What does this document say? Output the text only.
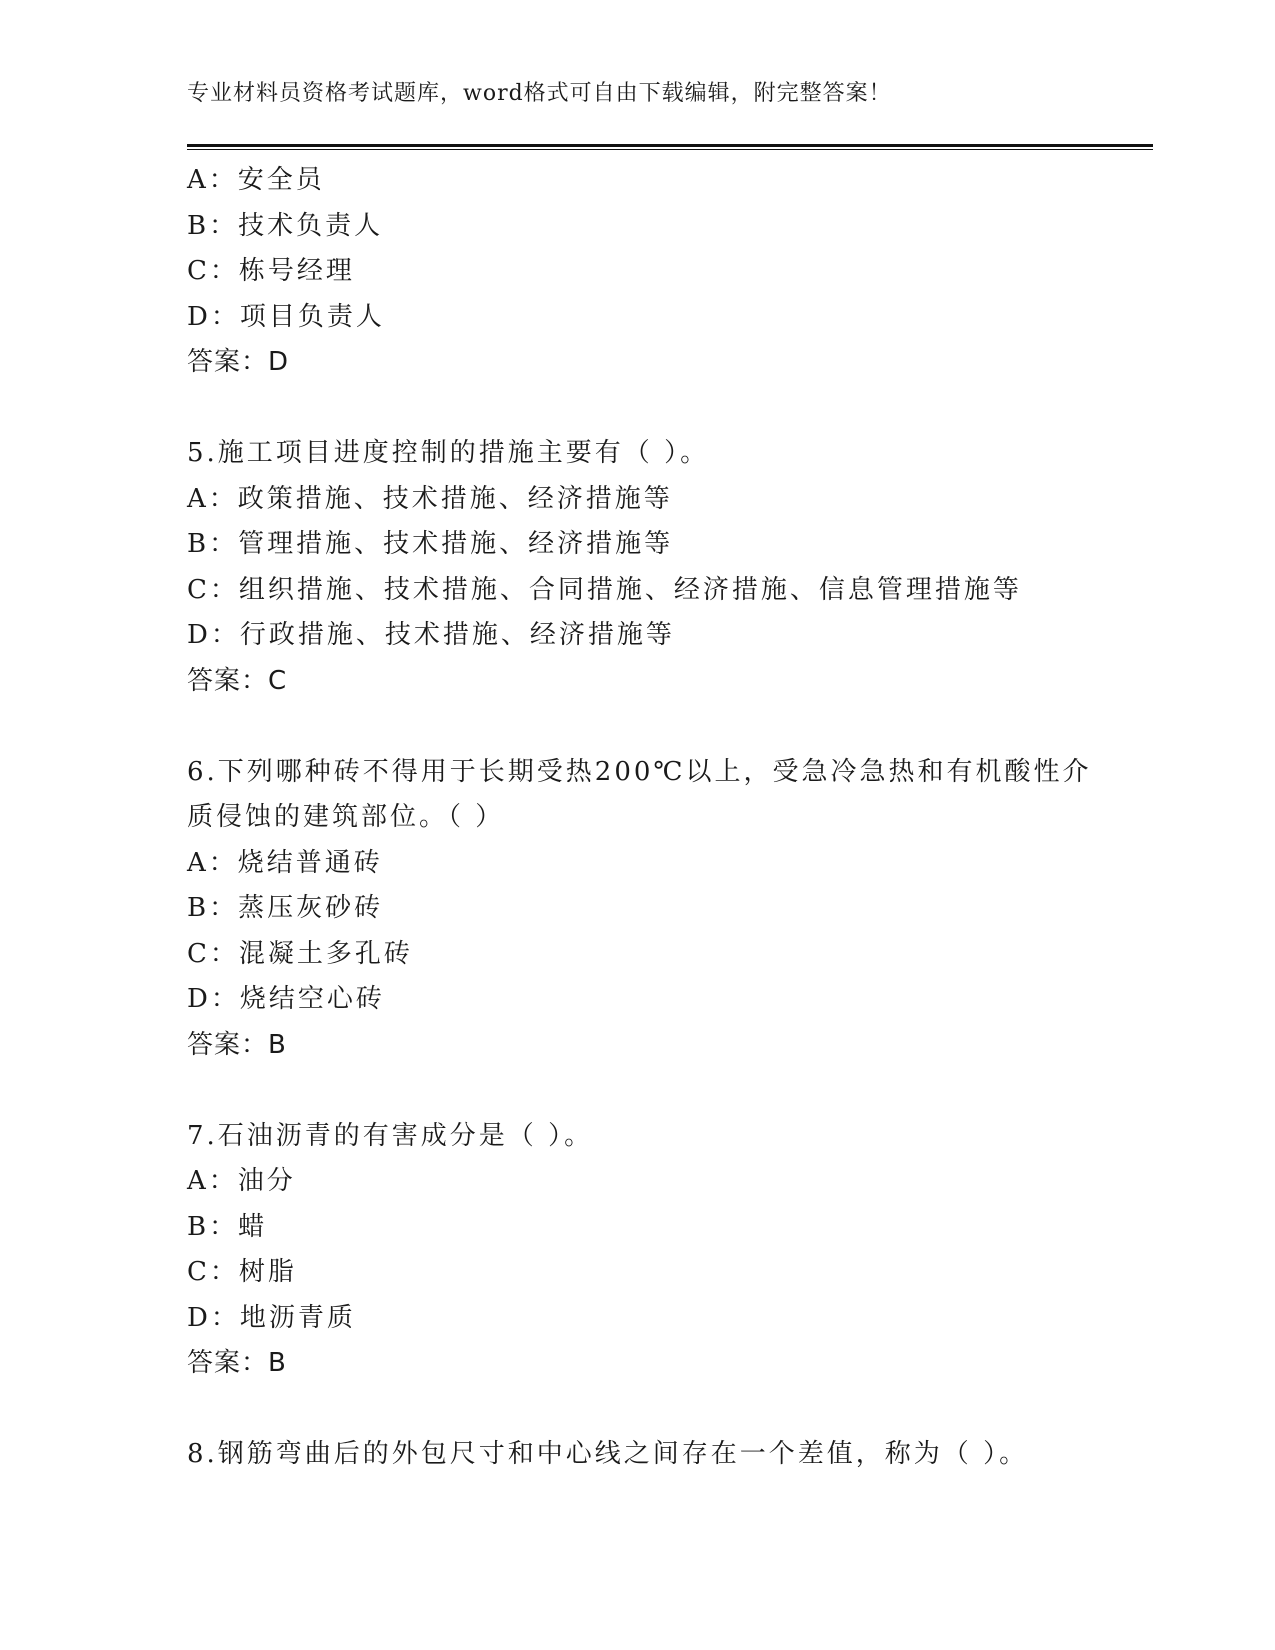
专业材料员资格考试题库，word格式可自由下载编辑，附完整答案！
A：安全员
B：技术负责人
C：栋号经理
D：项目负责人
答案：D
5.施工项目进度控制的措施主要有（ ）。
A：政策措施、技术措施、经济措施等
B：管理措施、技术措施、经济措施等
C：组织措施、技术措施、合同措施、经济措施、信息管理措施等
D：行政措施、技术措施、经济措施等
答案：C
6.下列哪种砖不得用于长期受热200℃以上，受急冷急热和有机酸性介
质侵蚀的建筑部位。（ ）
A：烧结普通砖
B：蒸压灰砂砖
C：混凝土多孔砖
D：烧结空心砖
答案：B
7.石油沥青的有害成分是（ ）。
A：油分
B：蜡
C：树脂
D：地沥青质
答案：B
8.钢筋弯曲后的外包尺寸和中心线之间存在一个差值，称为（ ）。
